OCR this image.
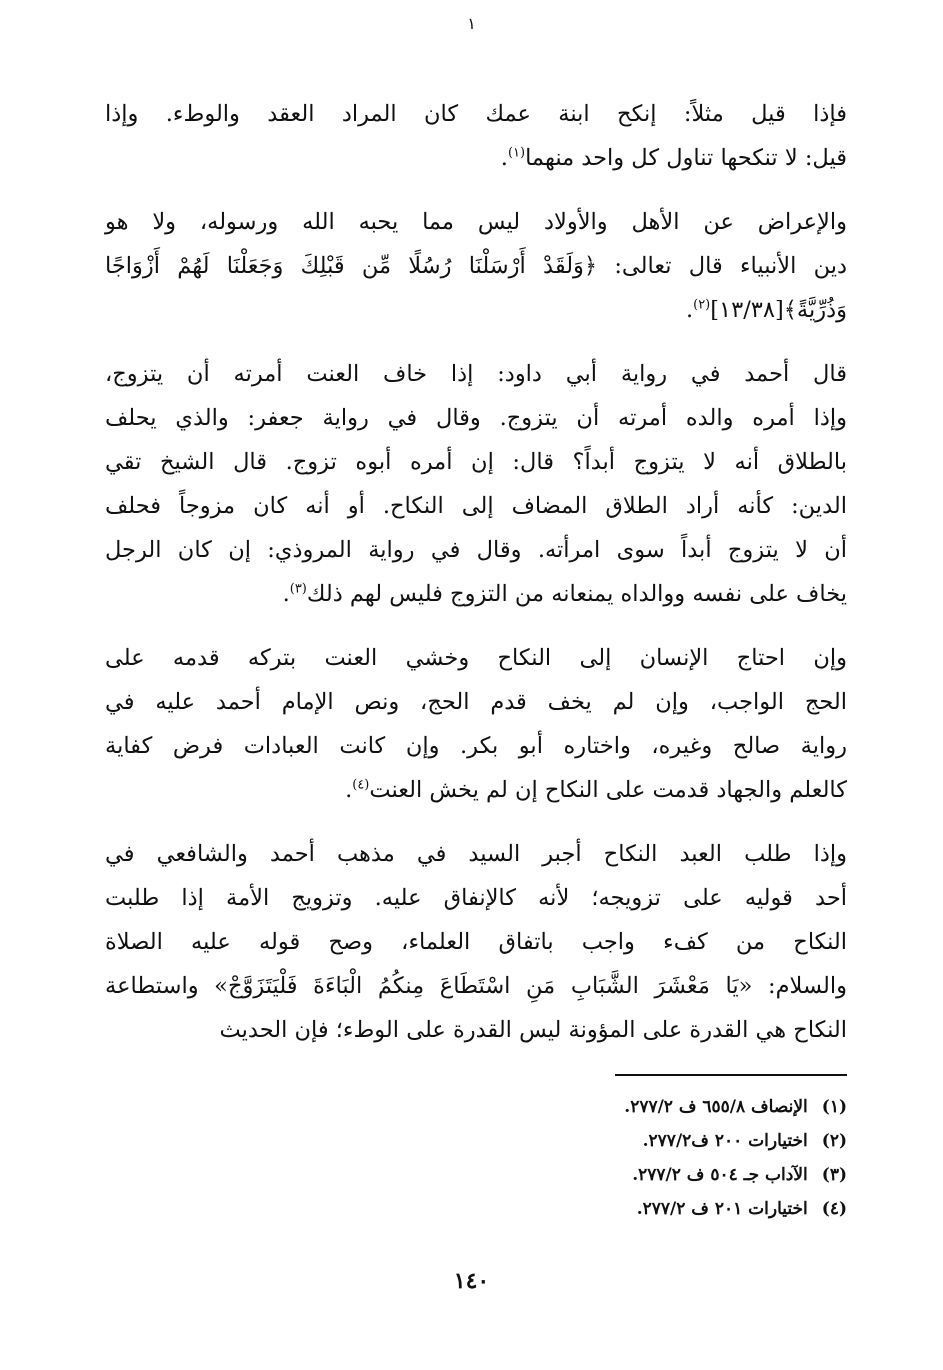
۱

فإذا قيل مثلاً: إنكح ابنة عمك كان المراد العقد والوطء. وإذا
قيل: لا تنكحها تناول كل واحد منهما$^{(١)}$.

والإعراض عن الأهل والأولاد ليس مما يحبه الله ورسوله، ولا هو
دين الأنبياء قال تعالى: ﴿وَلَقَدْ أَرْسَلْنَا رُسُلًا مِّن قَبْلِكَ وَجَعَلْنَا لَهُمْ أَزْوَاجًا
وَذُرِّيَّةً﴾[١٣/٣٨]$^{(٢)}$.

قال أحمد في رواية أبي داود: إذا خاف العنت أمرته أن يتزوج،
وإذا أمره والده أمرته أن يتزوج. وقال في رواية جعفر: والذي يحلف
بالطلاق أنه لا يتزوج أبداً؟ قال: إن أمره أبوه تزوج. قال الشيخ تقي
الدين: كأنه أراد الطلاق المضاف إلى النكاح. أو أنه كان مزوجاً فحلف
أن لا يتزوج أبداً سوى امرأته. وقال في رواية المروذي: إن كان الرجل
يخاف على نفسه ووالداه يمنعانه من التزوج فليس لهم ذلك$^{(٣)}$.

وإن احتاج الإنسان إلى النكاح وخشي العنت بتركه قدمه على
الحج الواجب، وإن لم يخف قدم الحج، ونص الإمام أحمد عليه في
رواية صالح وغيره، واختاره أبو بكر. وإن كانت العبادات فرض كفاية
كالعلم والجهاد قدمت على النكاح إن لم يخش العنت$^{(٤)}$.

وإذا طلب العبد النكاح أجبر السيد في مذهب أحمد والشافعي في
أحد قوليه على تزويجه؛ لأنه كالإنفاق عليه. وتزويج الأمة إذا طلبت
النكاح من كفء واجب باتفاق العلماء، وصح قوله عليه الصلاة
والسلام: «يَا مَعْشَرَ الشَّبَابِ مَنِ اسْتَطَاعَ مِنكُمُ الْبَاءَةَ فَلْيَتَزَوَّجْ» واستطاعة
النكاح هي القدرة على المؤونة ليس القدرة على الوطء؛ فإن الحديث

(١)الإنصاف ٦٥٥/٨ ف ٢٧٧/٢.
(٢)اختيارات ٢٠٠ ف٢٧٧/٢.
(٣)الآداب جـ ٥٠٤ ف ٢٧٧/٢.
(٤)اختيارات ٢٠١ ف ٢٧٧/٢.
١٤٠
